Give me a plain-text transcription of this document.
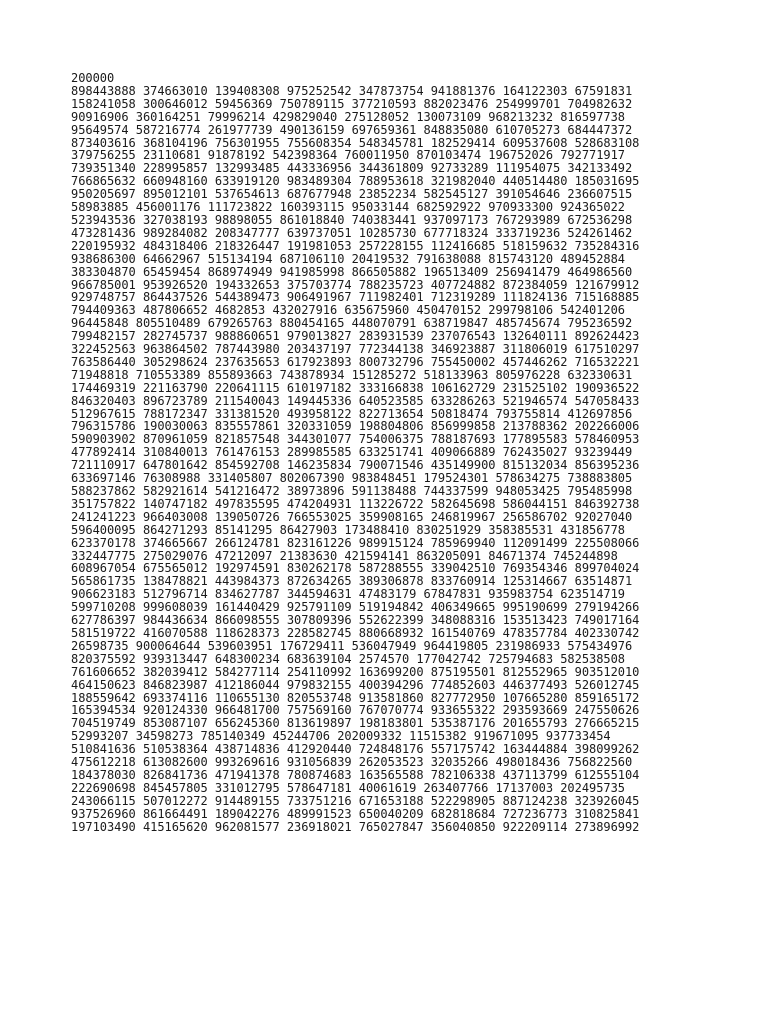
200000
898443888 374663010 139408308 975252542 347873754 941881376 164122303 67591831
158241058 300646012 59456369 750789115 377210593 882023476 254999701 704982632
90916906 360164251 79996214 429829040 275128052 130073109 968213232 816597738
95649574 587216774 261977739 490136159 697659361 848835080 610705273 684447372
873403616 368104196 756301955 755608354 548345781 182529414 609537608 528683108
379756255 23110681 91878192 542398364 760011950 870103474 196752026 792771917
739351340 228995857 132993485 443336956 344361809 92733289 111954075 342133492
766865632 660948160 633919120 983489304 788953618 321982040 440514480 185031695
950205697 895012101 537654613 687677948 23852234 582545127 391054646 236607515
58983885 456001176 111723822 160393115 95033144 682592922 970933300 924365022
523943536 327038193 98898055 861018840 740383441 937097173 767293989 672536298
473281436 989284082 208347777 639737051 10285730 677718324 333719236 524261462
220195932 484318406 218326447 191981053 257228155 112416685 518159632 735284316
938686300 64662967 515134194 687106110 20419532 791638088 815743120 489452884
383304870 65459454 868974949 941985998 866505882 196513409 256941479 464986560
966785001 953926520 194332653 375703774 788235723 407724882 872384059 121679912
929748757 864437526 544389473 906491967 711982401 712319289 111824136 715168885
794409363 487806652 4682853 432027916 635675960 450470152 299798106 542401206
96445848 805510489 679265763 880454165 448070791 638719847 485745674 795236592
799482157 282745737 988860651 979013827 283931539 237076543 132640111 892624423
322452563 963864502 787443980 203437197 772344138 346923887 311806019 617510297
763586440 305298624 237635653 617923893 800732796 755450002 457446262 716532221
71948818 710553389 855893663 743878934 151285272 518133963 805976228 632330631
174469319 221163790 220641115 610197182 333166838 106162729 231525102 190936522
846320403 896723789 211540043 149445336 640523585 633286263 521946574 547058433
512967615 788172347 331381520 493958122 822713654 50818474 793755814 412697856
796315786 190030063 835557861 320331059 198804806 856999858 213788362 202266006
590903902 870961059 821857548 344301077 754006375 788187693 177895583 578460953
477892414 310840013 761476153 289985585 633251741 409066889 762435027 93239449
721110917 647801642 854592708 146235834 790071546 435149900 815132034 856395236
633697146 76308988 331405807 802067390 983848451 179524301 578634275 738883805
588237862 582921614 541216472 38973896 591138488 744337599 948053425 795485998
351757822 140747182 497835595 474204931 113226722 582645698 586044151 846392738
241241223 966403008 139050726 766553025 359908165 246819967 256586702 92027040
596400095 864271293 85141295 86427903 173488410 830251929 358385531 431856778
623370178 374665667 266124781 823161226 989915124 785969940 112091499 225508066
332447775 275029076 47212097 21383630 421594141 863205091 84671374 745244898
608967054 675565012 192974591 830262178 587288555 339042510 769354346 899704024
565861735 138478821 443984373 872634265 389306878 833760914 125314667 63514871
906623183 512796714 834627787 344594631 47483179 67847831 935983754 623514719
599710208 999608039 161440429 925791109 519194842 406349665 995190699 279194266
627786397 984436634 866098555 307809396 552622399 348088316 153513423 749017164
581519722 416070588 118628373 228582745 880668932 161540769 478357784 402330742
26598735 900064644 539603951 176729411 536047949 964419805 231986933 575434976
820375592 939313447 648300234 683639104 2574570 177042742 725794683 582538508
761606652 382039412 584277114 254110992 163699200 875195501 812552965 903512010
464150623 846823987 412186044 979832155 400394296 774852603 446377493 526012745
188559642 693374116 110655130 820553748 913581860 827772950 107665280 859165172
165394534 920124330 966481700 757569160 767070774 933655322 293593669 247550626
704519749 853087107 656245360 813619897 198183801 535387176 201655793 276665215
52993207 34598273 785140349 45244706 202009332 11515382 919671095 937733454
510841636 510538364 438714836 412920440 724848176 557175742 163444884 398099262
475612218 613082600 993269616 931056839 262053523 32035266 498018436 756822560
184378030 826841736 471941378 780874683 163565588 782106338 437113799 612555104
222690698 845457805 331012795 578647181 40061619 263407766 17137003 202495735
243066115 507012272 914489155 733751216 671653188 522298905 887124238 323926045
937526960 861664491 189042276 489991523 650040209 682818684 727236773 310825841
197103490 415165620 962081577 236918021 765027847 356040850 922209114 273896992
